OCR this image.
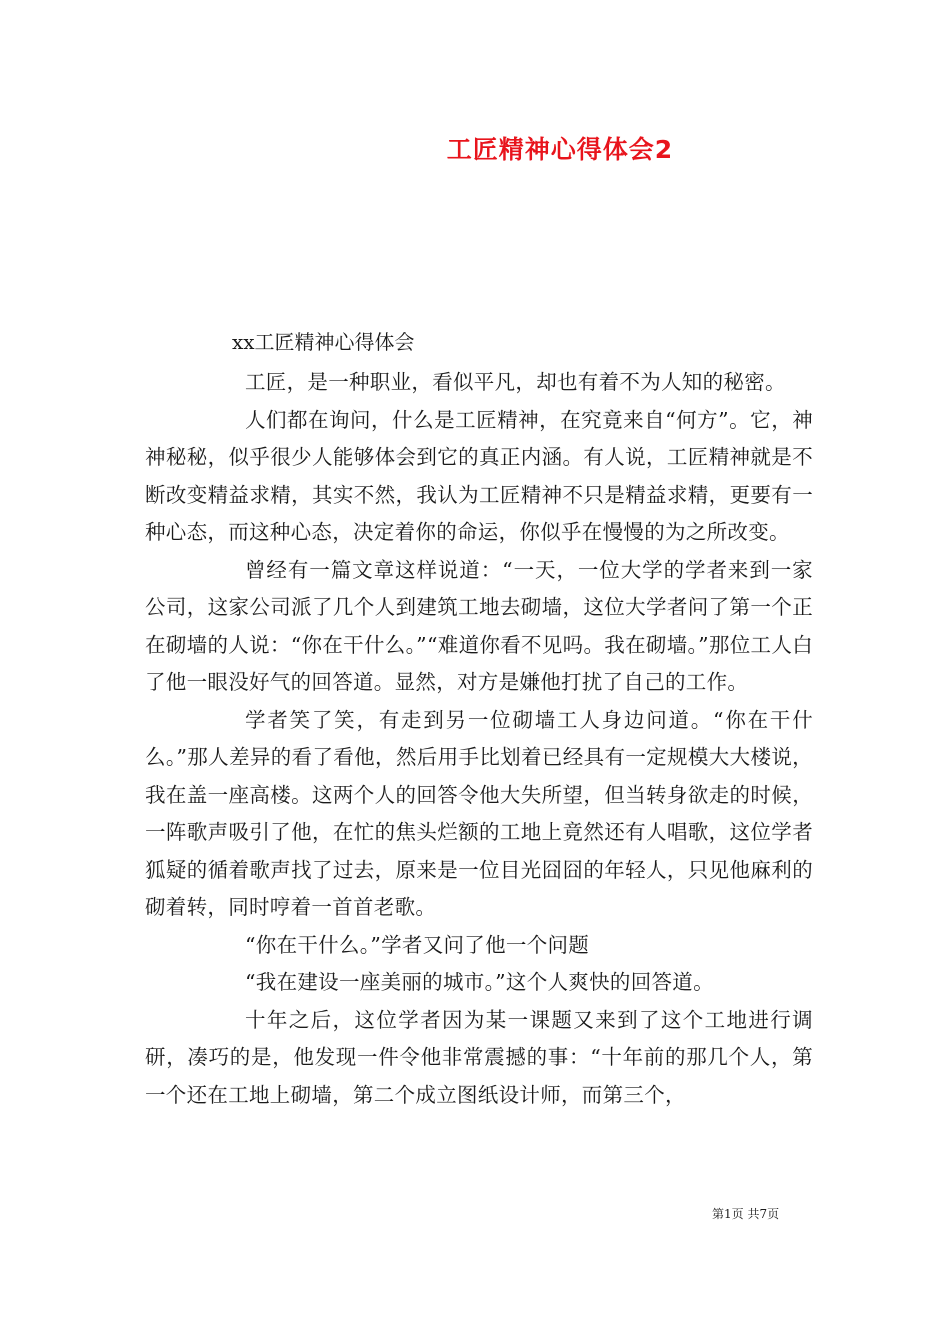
工匠精神心得体会2

xx工匠精神心得体会

工匠，是一种职业，看似平凡，却也有着不为人知的秘密。

人们都在询问，什么是工匠精神，在究竟来自“何方”。它，神神秘秘，似乎很少人能够体会到它的真正内涵。有人说，工匠精神就是不断改变精益求精，其实不然，我认为工匠精神不只是精益求精，更要有一种心态，而这种心态，决定着你的命运，你似乎在慢慢的为之所改变。

曾经有一篇文章这样说道：“一天，一位大学的学者来到一家公司，这家公司派了几个人到建筑工地去砌墙，这位大学者问了第一个正在砌墙的人说：“你在干什么。”“难道你看不见吗。我在砌墙。”那位工人白了他一眼没好气的回答道。显然，对方是嫌他打扰了自己的工作。

学者笑了笑，有走到另一位砌墙工人身边问道。“你在干什么。”那人差异的看了看他，然后用手比划着已经具有一定规模大大楼说，我在盖一座高楼。这两个人的回答令他大失所望，但当转身欲走的时候，一阵歌声吸引了他，在忙的焦头烂额的工地上竟然还有人唱歌，这位学者狐疑的循着歌声找了过去，原来是一位目光囧囧的年轻人，只见他麻利的砌着转，同时哼着一首首老歌。

“你在干什么。”学者又问了他一个问题

“我在建设一座美丽的城市。”这个人爽快的回答道。

十年之后，这位学者因为某一课题又来到了这个工地进行调研，凑巧的是，他发现一件令他非常震撼的事：“十年前的那几个人，第一个还在工地上砌墙，第二个成立图纸设计师，而第三个，

第1页 共7页
